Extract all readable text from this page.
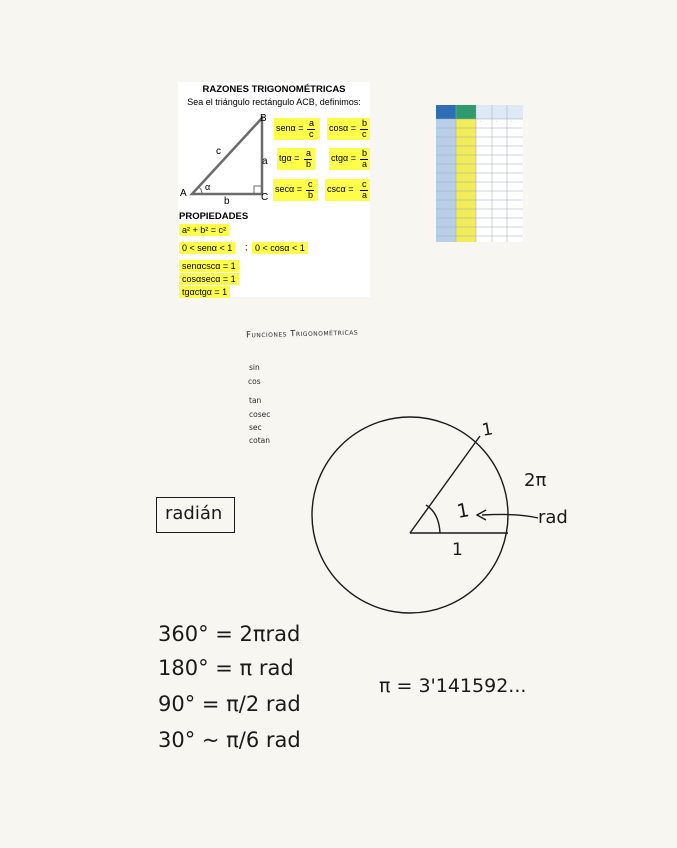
RAZONES TRIGONOMÉTRICAS
Sea el triángulo rectángulo ACB, definimos:
A
B
C
c
a
b
α
senα = a
c
cosα = b
c
tgα = a
b
ctgα = b
a
secα = c
b
cscα = c
a
PROPIEDADES
a² + b² = c²
0 < senα < 1	; 0 < cosα < 1
senαcscα = 1
cosαsecα = 1
tgαctgα = 1
·	·	·
Funciones Trigonométricas
sin
cos
tan
cosec
sec
cotan
radián
1
1
1	rad
2π
360° = 2πrad
180° = π rad
90° = π/2 rad
30° ~ π/6 rad
π = 3'141592...
